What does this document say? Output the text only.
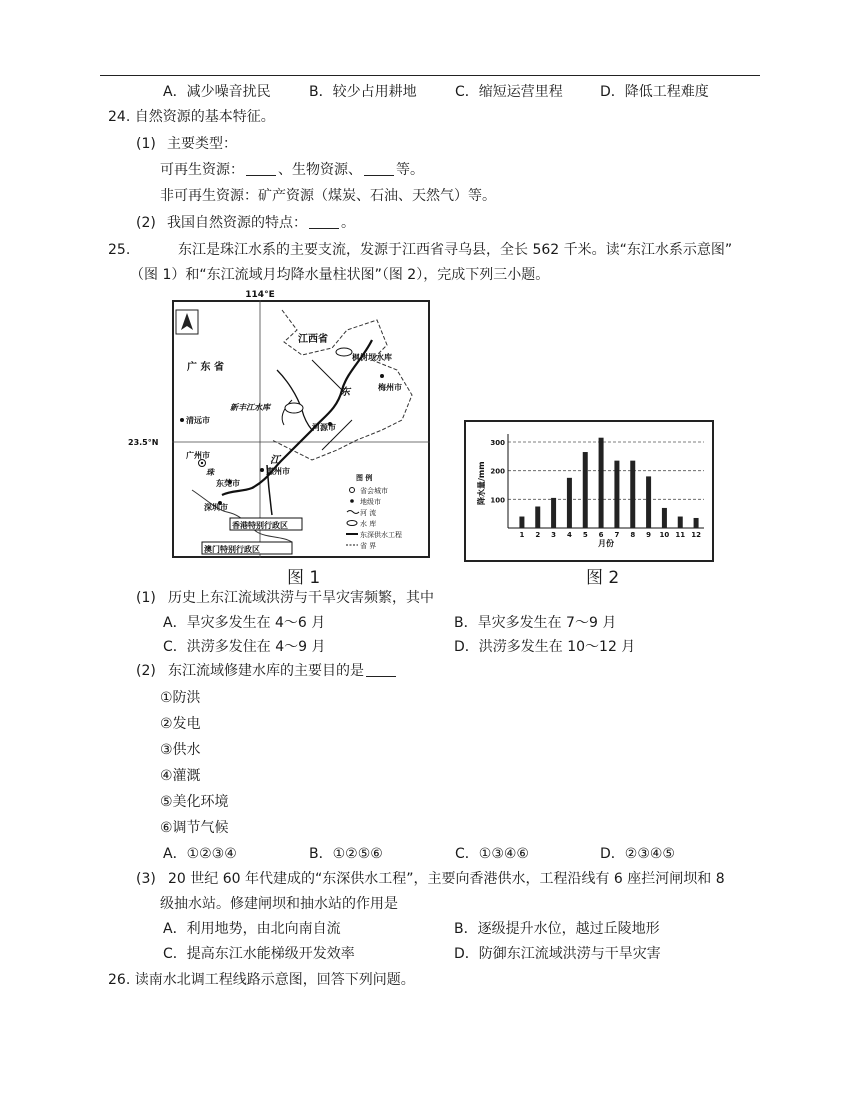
A．减少噪音扰民	B．较少占用耕地	C．缩短运营里程	D．降低工程难度
24. 自然资源的基本特征。
(1) 主要类型：
可再生资源： 、生物资源、 等。
非可再生资源：矿产资源（煤炭、石油、天然气）等。
(2) 我国自然资源的特点： 。
25.	东江是珠江水系的主要支流，发源于江西省寻乌县，全长 562 千米。读“东江水系示意图”
（图 1）和“东江流域月均降水量柱状图”（图 2），完成下列三小题。
114°E
江西省
广 东 省
枫树坝水库
梅州市
东
新丰江水库
河源市
清远市
23.5°N
广州市	江
珠	惠州市
东莞市
深圳市
香港特别行政区
澳门特别行政区
图 例
省会城市
地级市
河 流
水 库
东深供水工程
省 界
图 1
降水量/mm
月份
100
200
300
1 2 3 4 5 6 7 8 9 10 11 12
图 2
(1) 历史上东江流域洪涝与干旱灾害频繁，其中
A．旱灾多发生在 4～6 月	B．旱灾多发生在 7～9 月
C．洪涝多发住在 4～9 月	D．洪涝多发生在 10～12 月
(2) 东江流域修建水库的主要目的是
①防洪
②发电
③供水
④灌溉
⑤美化环境
⑥调节气候
A．①②③④	B．①②⑤⑥	C．①③④⑥	D．②③④⑤
(3) 20 世纪 60 年代建成的“东深供水工程”，主要向香港供水，工程沿线有 6 座拦河闸坝和 8
级抽水站。修建闸坝和抽水站的作用是
A．利用地势，由北向南自流	B．逐级提升水位，越过丘陵地形
C．提高东江水能梯级开发效率	D．防御东江流域洪涝与干旱灾害
26. 读南水北调工程线路示意图，回答下列问题。
